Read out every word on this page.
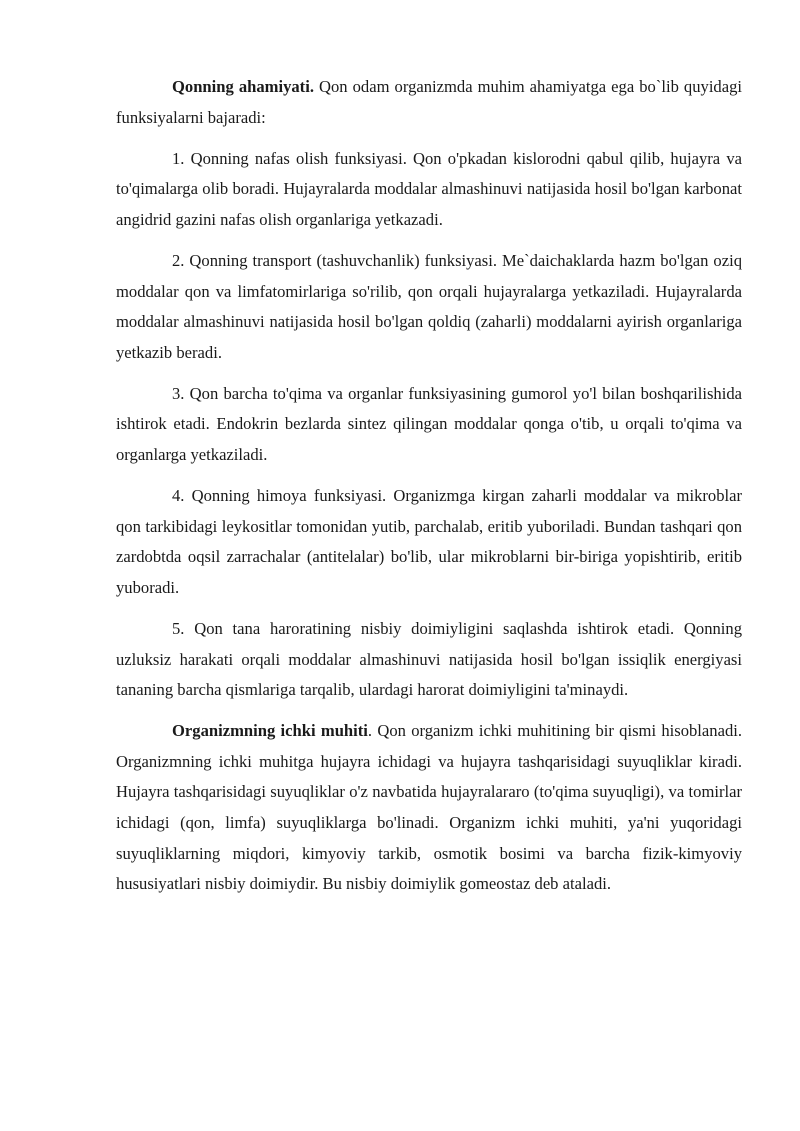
Qonning ahamiyati. Qon odam organizmda muhim ahamiyatga ega bo`lib quyidagi funksiyalarni bajaradi:

1. Qonning nafas olish funksiyasi. Qon o'pkadan kislorodni qabul qilib, hujayra va to'qimalarga olib boradi. Hujayralarda moddalar almashinuvi natijasida hosil bo'lgan karbonat angidrid gazini nafas olish organlariga yetkazadi.

2. Qonning transport (tashuvchanlik) funksiyasi. Me`daichaklarda hazm bo'lgan oziq moddalar qon va limfatomirlariga so'rilib, qon orqali hujayralarga yetkaziladi. Hujayralarda moddalar almashinuvi natijasida hosil bo'lgan qoldiq (zaharli) moddalarni ayirish organlariga yetkazib beradi.

3. Qon barcha to'qima va organlar funksiyasining gumorol yo'l bilan boshqarilishida ishtirok etadi. Endokrin bezlarda sintez qilingan moddalar qonga o'tib, u orqali to'qima va organlarga yetkaziladi.

4. Qonning himoya funksiyasi. Organizmga kirgan zaharli moddalar va mikroblar qon tarkibidagi leykositlar tomonidan yutib, parchalab, eritib yuboriladi. Bundan tashqari qon zardobtda oqsil zarrachalar (antitelalar) bo'lib, ular mikroblarni bir-biriga yopishtirib, eritib yuboradi.

5. Qon tana haroratining nisbiy doimiyligini saqlashda ishtirok etadi. Qonning uzluksiz harakati orqali moddalar almashinuvi natijasida hosil bo'lgan issiqlik energiyasi tananing barcha qismlariga tarqalib, ulardagi harorat doimiyligini ta'minaydi.

Organizmning ichki muhiti. Qon organizm ichki muhitining bir qismi hisoblanadi. Organizmning ichki muhitga hujayra ichidagi va hujayra tashqarisidagi suyuqliklar kiradi. Hujayra tashqarisidagi suyuqliklar o'z navbatida hujayralararo (to'qima suyuqligi), va tomirlar ichidagi (qon, limfa) suyuqliklarga bo'linadi. Organizm ichki muhiti, ya'ni yuqoridagi suyuqliklarning miqdori, kimyoviy tarkib, osmotik bosimi va barcha fizik-kimyoviy hususiyatlari nisbiy doimiydir. Bu nisbiy doimiylik gomeostaz deb ataladi.
